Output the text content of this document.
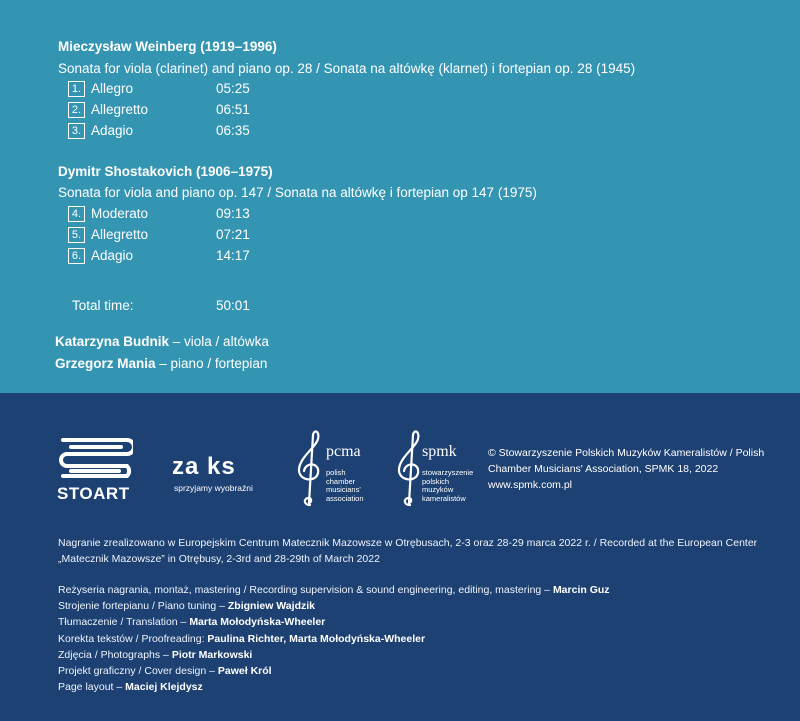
Mieczysław Weinberg (1919–1996)
Sonata for viola (clarinet) and piano op. 28 / Sonata na altówkę (klarnet) i fortepian op. 28 (1945)
1. Allegro	05:25
2. Allegretto	06:51
3. Adagio	06:35
Dymitr Shostakovich (1906–1975)
Sonata for viola and piano op. 147 / Sonata na altówkę i fortepian op 147 (1975)
4. Moderato	09:13
5. Allegretto	07:21
6. Adagio	14:17
Total time:	50:01
Katarzyna Budnik – viola / altówka
Grzegorz Mania – piano / fortepian
STOART
za ks
sprzyjamy wyobraźni
pcma
polish
chamber
musicians'
association
spmk
stowarzyszenie
polskich
muzyków
kameralistów
© Stowarzyszenie Polskich Muzyków Kameralistów / Polish
Chamber Musicians' Association, SPMK 18, 2022
www.spmk.com.pl
Nagranie zrealizowano w Europejskim Centrum Matecznik Mazowsze w Otrębusach, 2-3 oraz 28-29 marca 2022 r. / Recorded at the European Center
„Matecznik Mazowsze” in Otrębusy, 2-3rd and 28-29th of March 2022
Reżyseria nagrania, montaż, mastering / Recording supervision & sound engineering, editing, mastering – Marcin Guz
Strojenie fortepianu / Piano tuning – Zbigniew Wajdzik
Tłumaczenie / Translation – Marta Mołodyńska-Wheeler
Korekta tekstów / Proofreading: Paulina Richter, Marta Mołodyńska-Wheeler
Zdjęcia / Photographs – Piotr Markowski
Projekt graficzny / Cover design – Paweł Król
Page layout – Maciej Klejdysz
